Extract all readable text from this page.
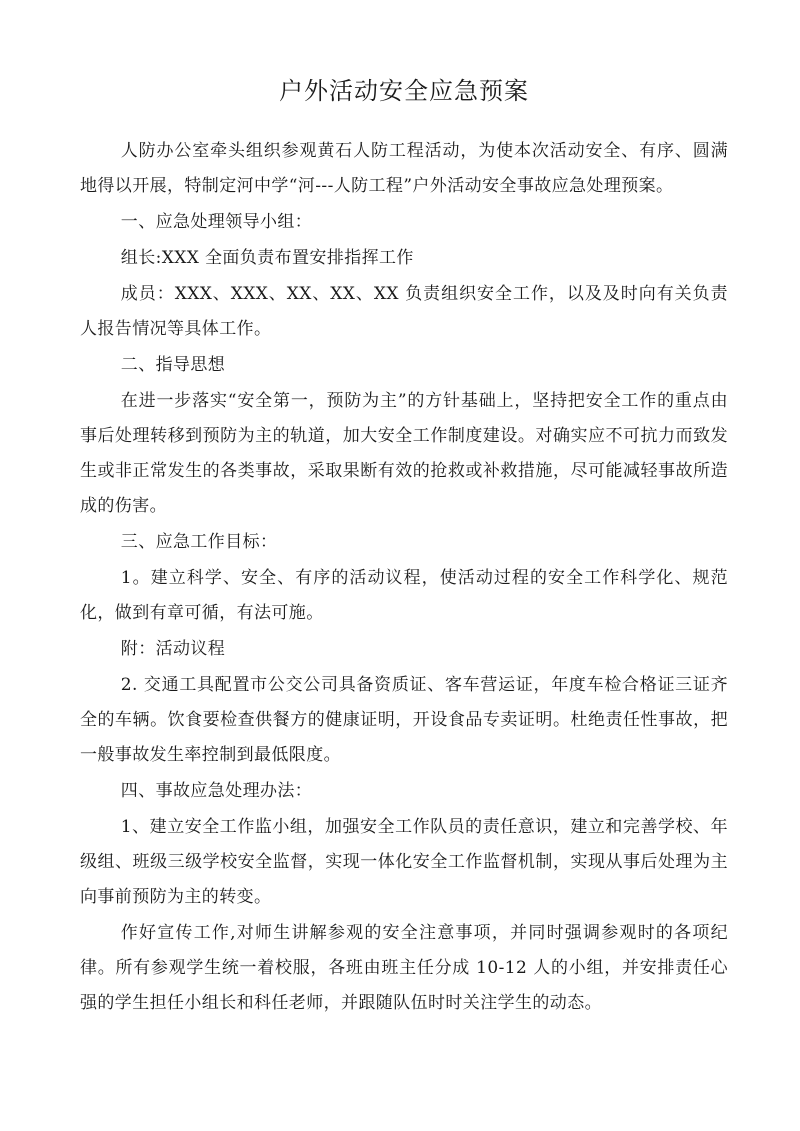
户外活动安全应急预案

人防办公室牵头组织参观黄石人防工程活动，为使本次活动安全、有序、圆满地得以开展，特制定河中学“河---人防工程”户外活动安全事故应急处理预案。

一、应急处理领导小组：

组长:XXX 全面负责布置安排指挥工作

成员：XXX、XXX、XX、XX、XX 负责组织安全工作，以及及时向有关负责人报告情况等具体工作。

二、指导思想

在进一步落实“安全第一，预防为主”的方针基础上，坚持把安全工作的重点由事后处理转移到预防为主的轨道，加大安全工作制度建设。对确实应不可抗力而致发生或非正常发生的各类事故，采取果断有效的抢救或补救措施，尽可能减轻事故所造成的伤害。

三、应急工作目标：

1。建立科学、安全、有序的活动议程，使活动过程的安全工作科学化、规范化，做到有章可循，有法可施。

附：活动议程

2. 交通工具配置市公交公司具备资质证、客车营运证，年度车检合格证三证齐全的车辆。饮食要检查供餐方的健康证明，开设食品专卖证明。杜绝责任性事故，把一般事故发生率控制到最低限度。

四、事故应急处理办法：

1、建立安全工作监小组，加强安全工作队员的责任意识，建立和完善学校、年级组、班级三级学校安全监督，实现一体化安全工作监督机制，实现从事后处理为主向事前预防为主的转变。

作好宣传工作,对师生讲解参观的安全注意事项，并同时强调参观时的各项纪律。所有参观学生统一着校服，各班由班主任分成 10-12 人的小组，并安排责任心强的学生担任小组长和科任老师，并跟随队伍时时关注学生的动态。
